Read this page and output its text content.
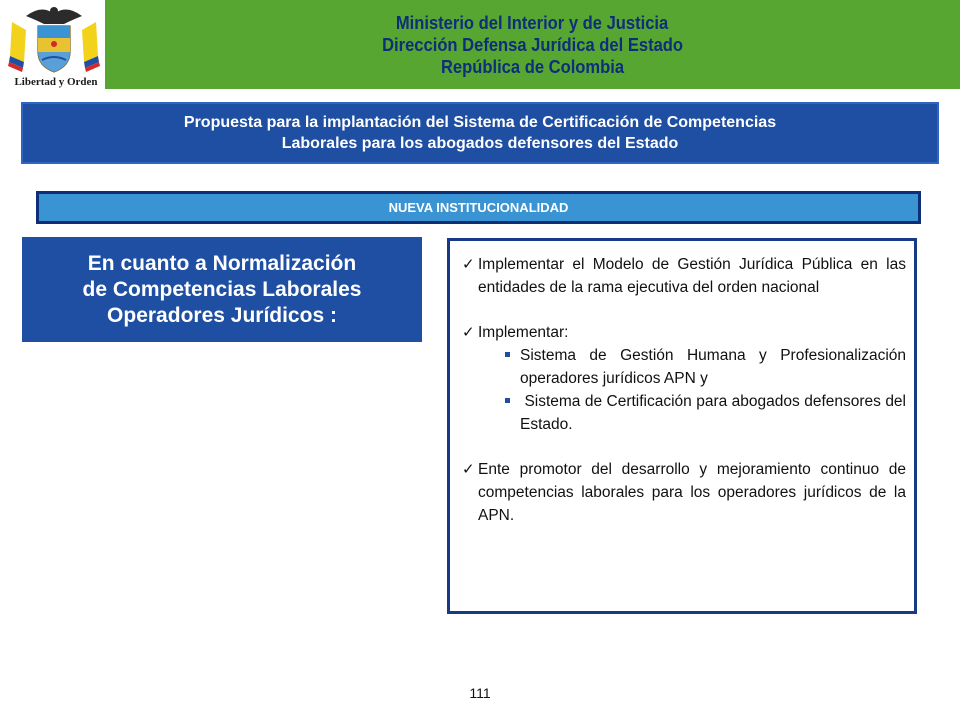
Libertad y Orden
Ministerio del Interior y de Justicia
Dirección Defensa Jurídica del Estado
República de Colombia
Propuesta para la implantación del Sistema de Certificación de Competencias
Laborales para los abogados defensores del Estado
NUEVA INSTITUCIONALIDAD
En cuanto a Normalización
de Competencias Laborales
Operadores Jurídicos :
✓ Implementar el Modelo de Gestión Jurídica Pública en las entidades de la rama ejecutiva del orden nacional
✓ Implementar:
Sistema de Gestión Humana y Profesionalización operadores jurídicos APN y
Sistema de Certificación para abogados defensores del Estado.
✓ Ente promotor del desarrollo y mejoramiento continuo de competencias laborales para los operadores jurídicos de la APN.
111
